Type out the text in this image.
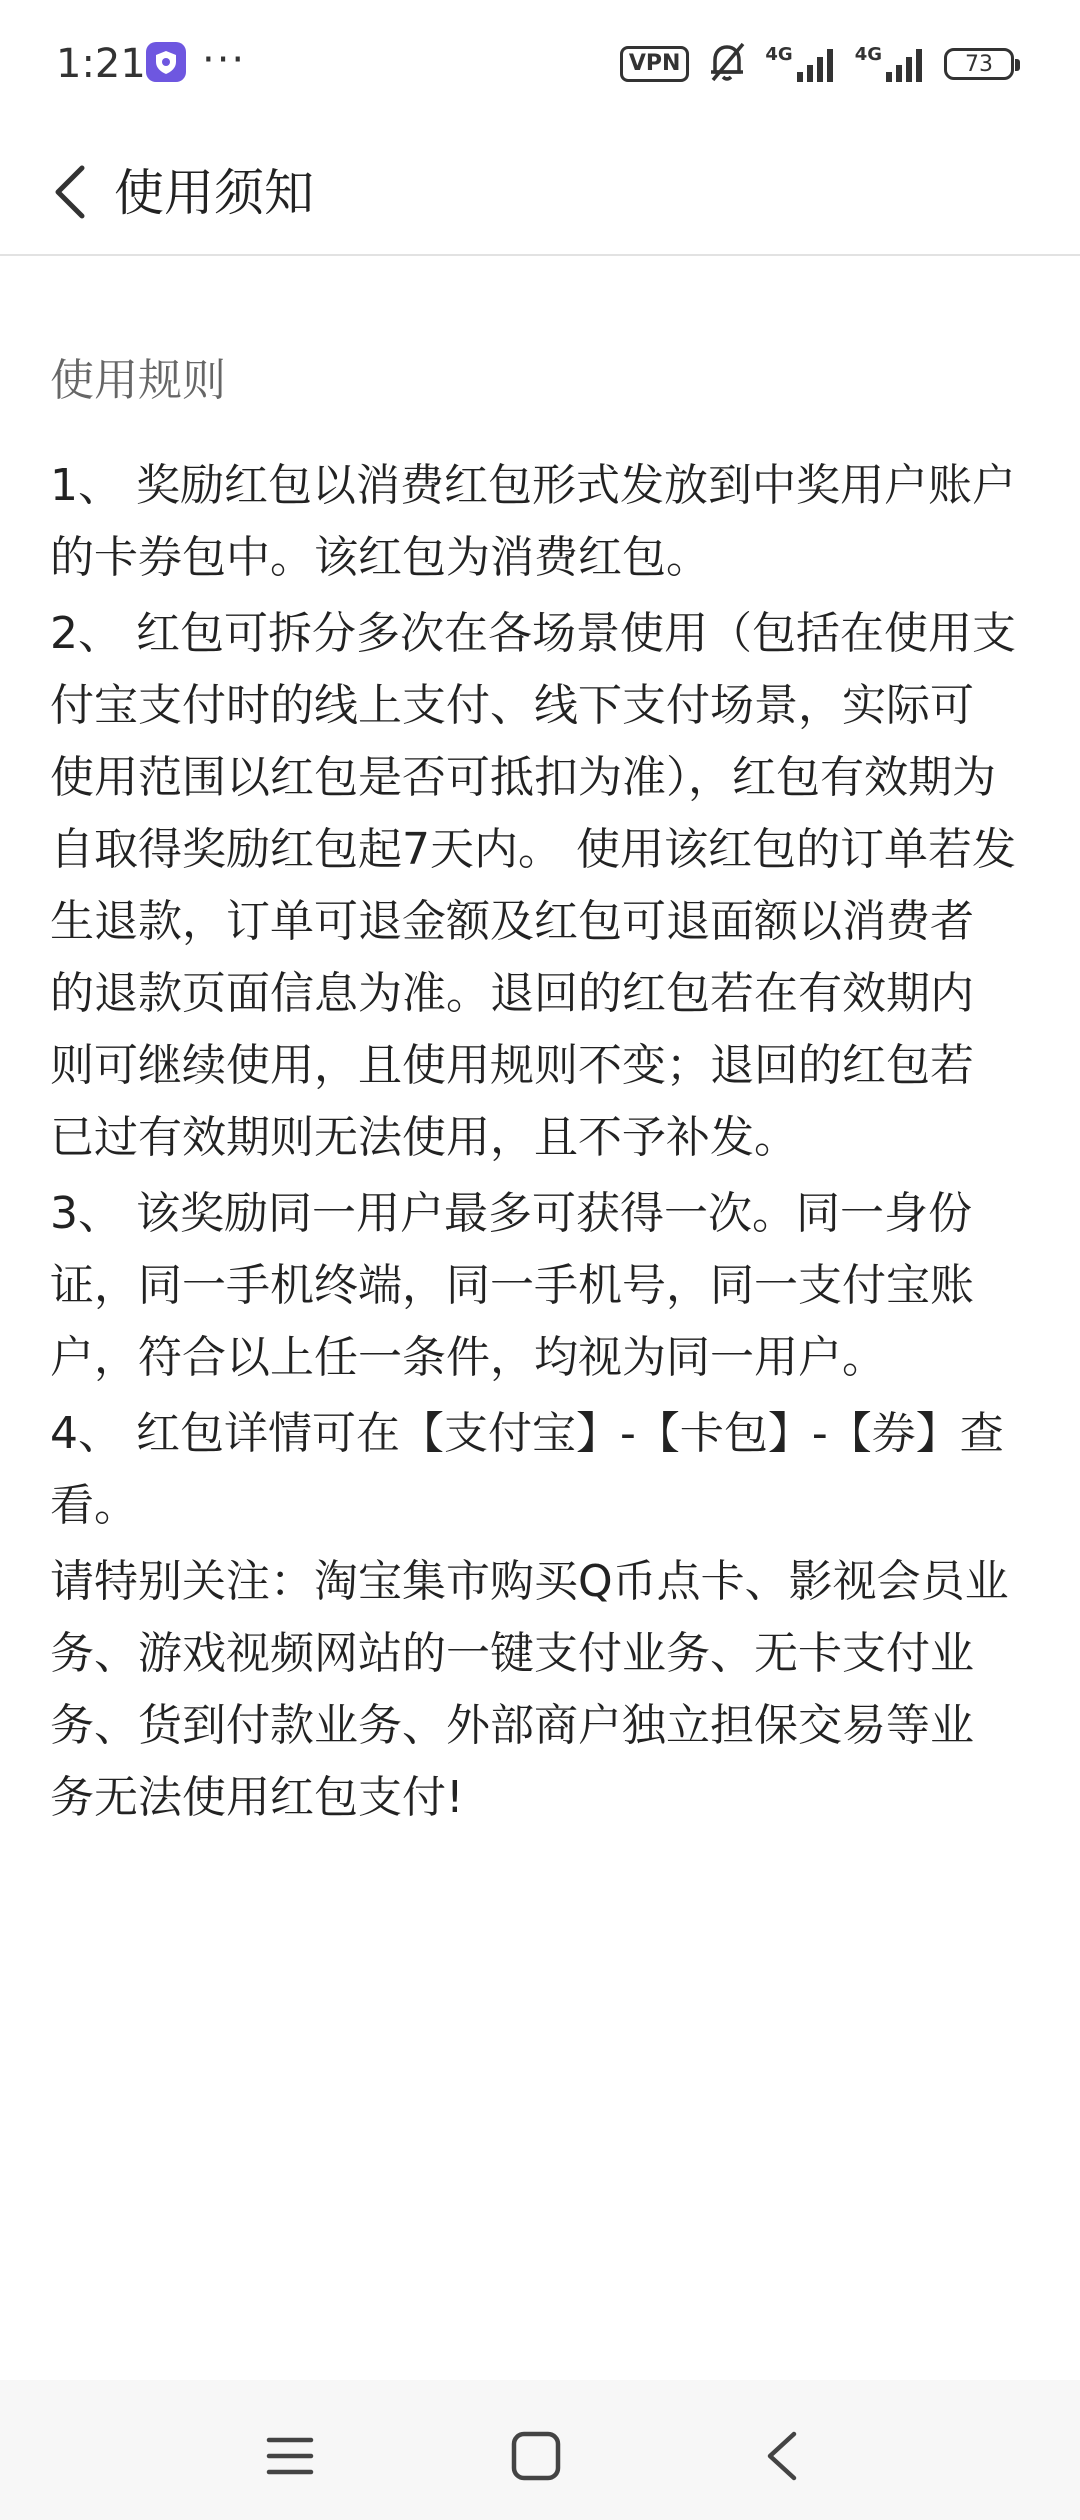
1:21 ···	VPN	4G	4G	73
使用须知
使用规则

1、 奖励红包以消费红包形式发放到中奖用户账户的卡券包中。该红包为消费红包。

2、 红包可拆分多次在各场景使用（包括在使用支付宝支付时的线上支付、线下支付场景，实际可使用范围以红包是否可抵扣为准），红包有效期为自取得奖励红包起7天内。 使用该红包的订单若发生退款，订单可退金额及红包可退面额以消费者的退款页面信息为准。退回的红包若在有效期内则可继续使用，且使用规则不变；退回的红包若已过有效期则无法使用，且不予补发。

3、 该奖励同一用户最多可获得一次。同一身份证，同一手机终端，同一手机号，同一支付宝账户，符合以上任一条件，均视为同一用户。

4、 红包详情可在【支付宝】-【卡包】-【券】查看。

请特别关注：淘宝集市购买Q币点卡、影视会员业务、游戏视频网站的一键支付业务、无卡支付业务、货到付款业务、外部商户独立担保交易等业务无法使用红包支付!
